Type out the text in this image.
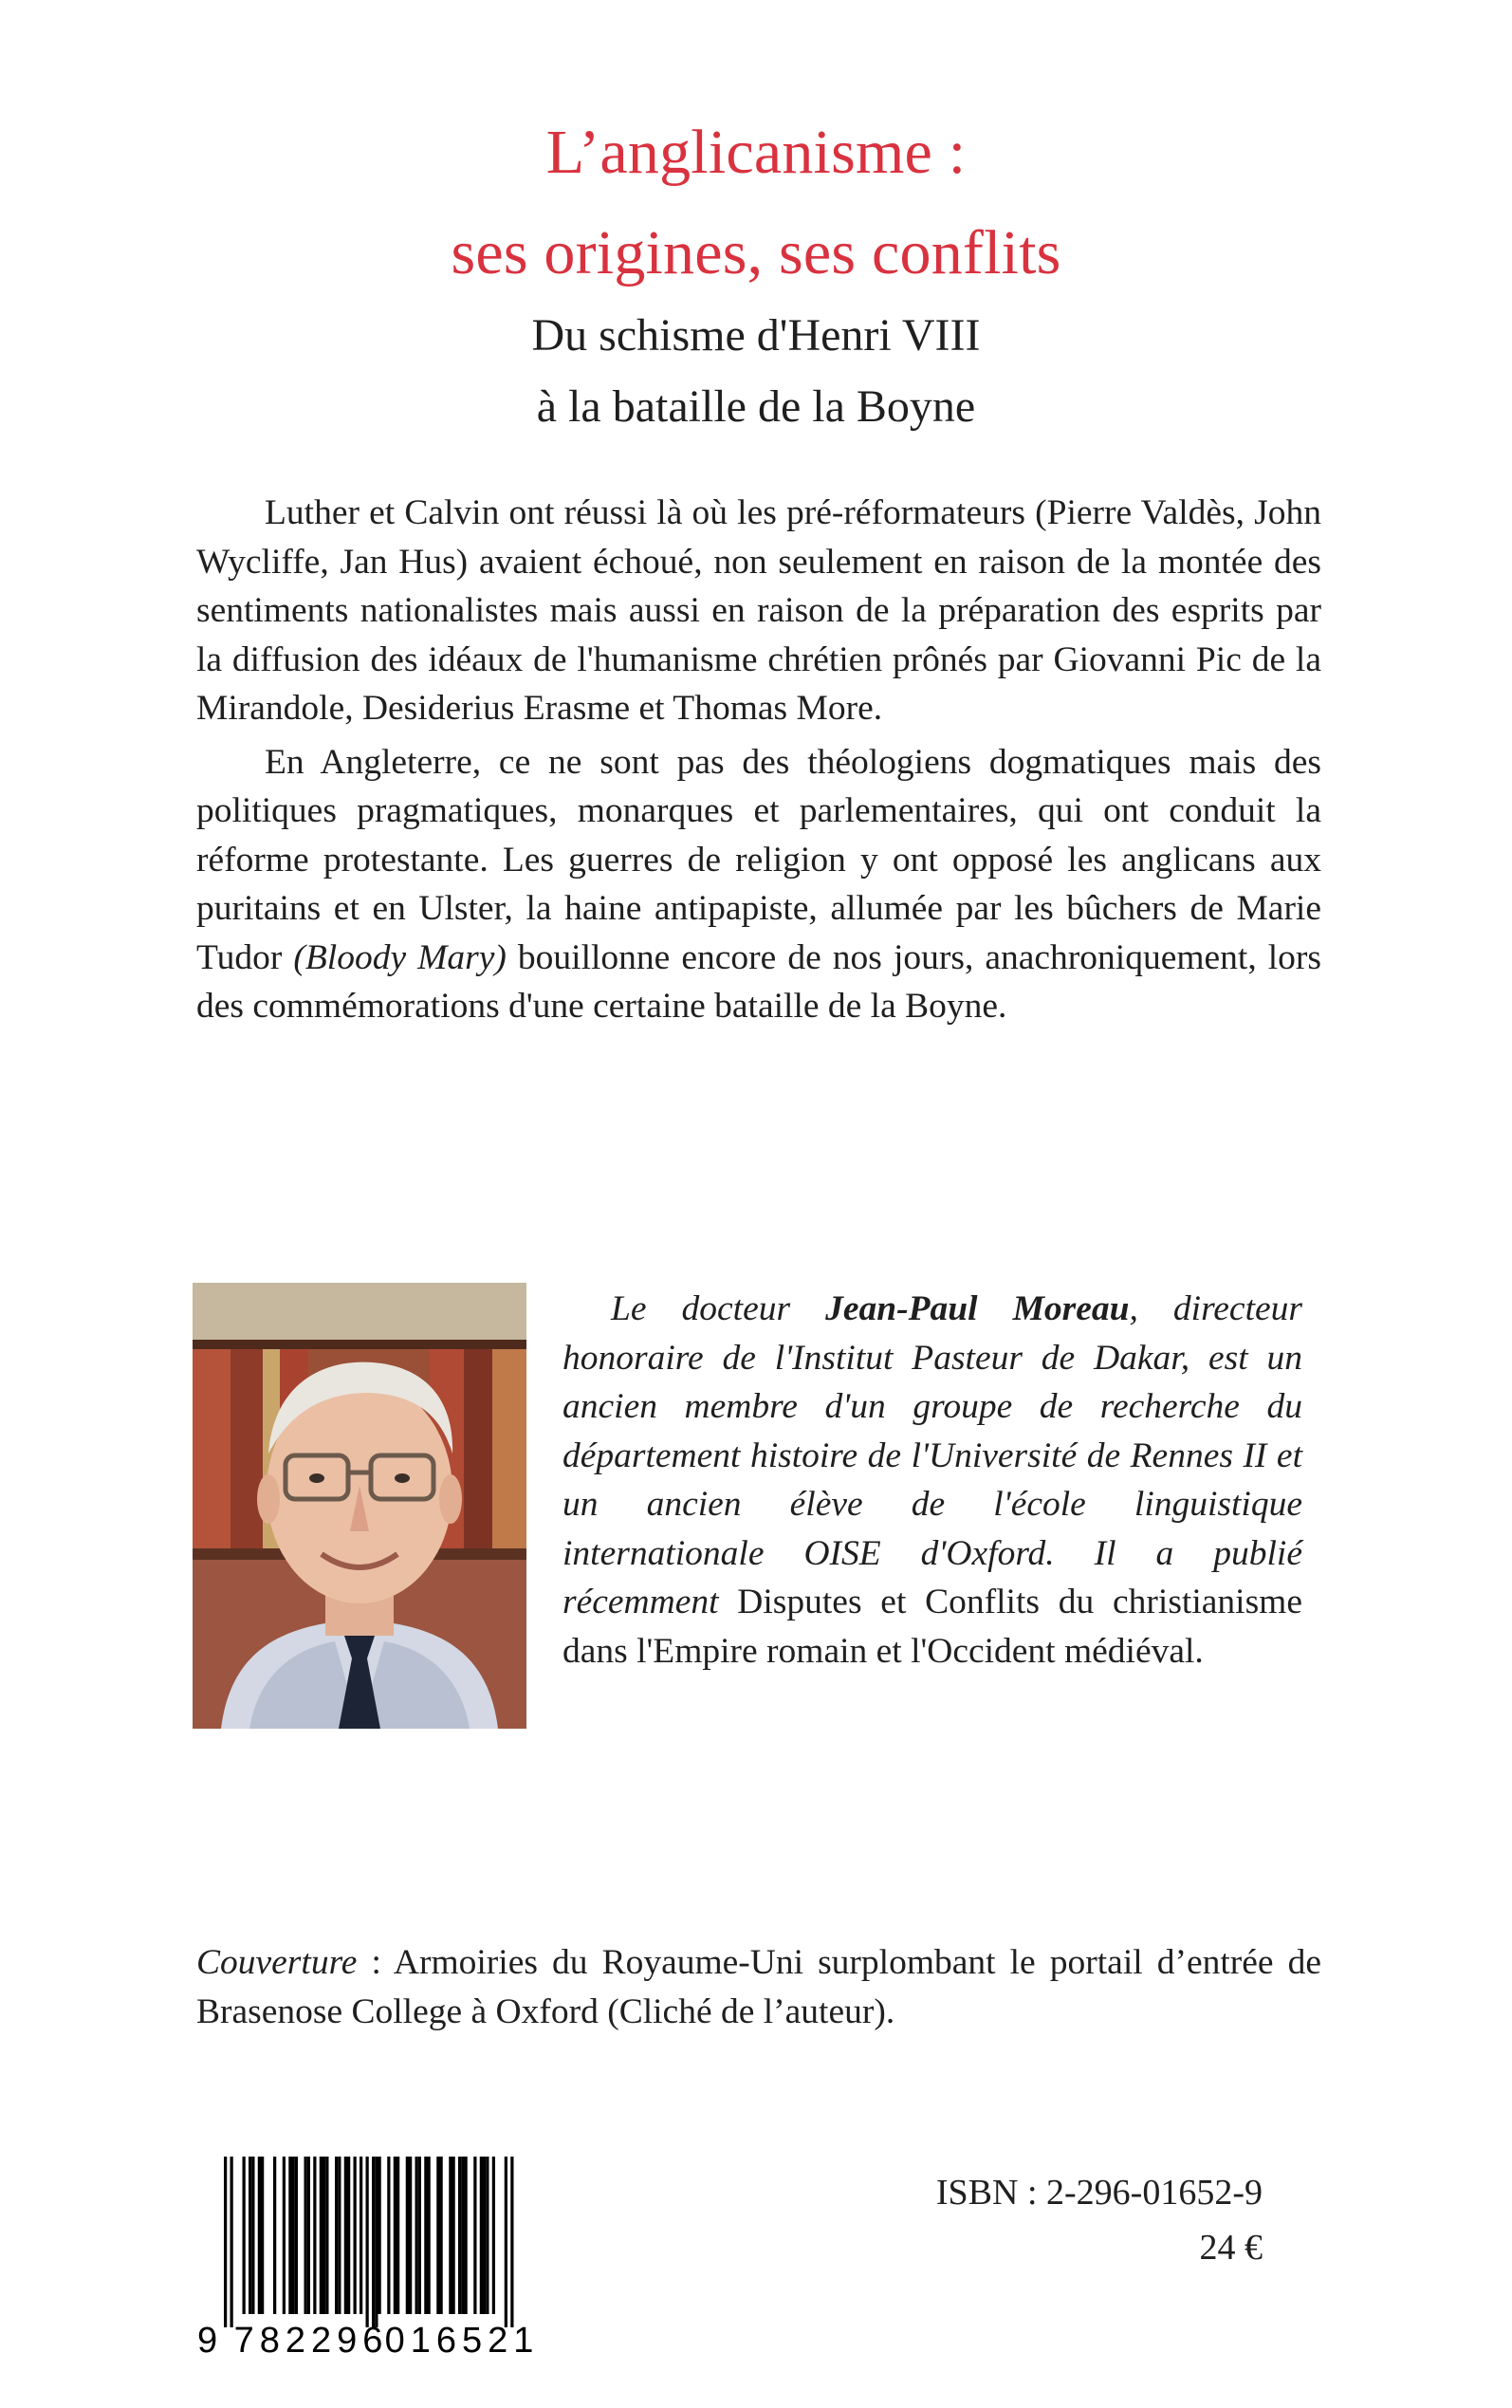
L’anglicanisme :
ses origines, ses conflits
Du schisme d'Henri VIII
à la bataille de la Boyne

Luther et Calvin ont réussi là où les pré-réformateurs (Pierre Valdès, John Wycliffe, Jan Hus) avaient échoué, non seulement en raison de la montée des sentiments nationalistes mais aussi en raison de la préparation des esprits par la diffusion des idéaux de l'humanisme chrétien prônés par Giovanni Pic de la Mirandole, Desiderius Erasme et Thomas More.

En Angleterre, ce ne sont pas des théologiens dogmatiques mais des politiques pragmatiques, monarques et parlementaires, qui ont conduit la réforme protestante. Les guerres de religion y ont opposé les anglicans aux puritains et en Ulster, la haine antipapiste, allumée par les bûchers de Marie Tudor (Bloody Mary) bouillonne encore de nos jours, anachroniquement, lors des commémorations d'une certaine bataille de la Boyne.

Le docteur Jean-Paul Moreau, directeur honoraire de l'Institut Pasteur de Dakar, est un ancien membre d'un groupe de recherche du département histoire de l'Université de Rennes II et un ancien élève de l'école linguistique internationale OISE d'Oxford. Il a publié récemment Disputes et Conflits du christianisme dans l'Empire romain et l'Occident médiéval.

Couverture : Armoiries du Royaume-Uni surplombant le portail d’entrée de Brasenose College à Oxford (Cliché de l’auteur).

9 782296
016521
ISBN : 2-296-01652-9
24 €
